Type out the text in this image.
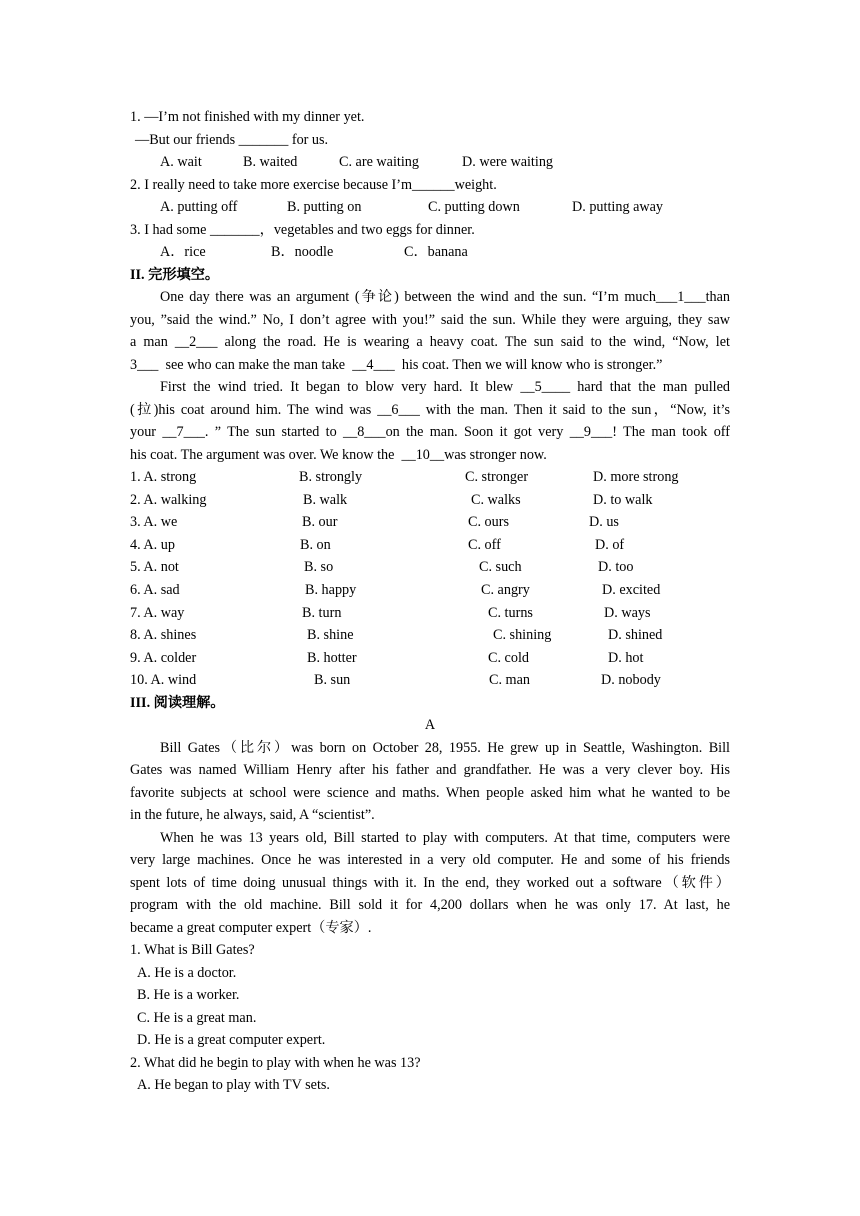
1. —I’m not finished with my dinner yet.
—But our friends _______ for us.
A. wait	B. waited	C. are waiting	D. were waiting
2. I really need to take more exercise because I’m______weight.
A. putting off	B. putting on	C. putting down	D. putting away
3. I had some _______，vegetables and two eggs for dinner.
A．rice	B．noodle	C．banana
II. 完形填空。
One day there was an argument (争论) between the wind and the sun. “I’m much___1___than
you, ”said the wind.” No, I don’t agree with you!” said the sun. While they were arguing, they saw
a man __2___ along the road. He is wearing a heavy coat. The sun said to the wind, “Now, let
3___  see who can make the man take  __4___  his coat. Then we will know who is stronger.”
First the wind tried. It began to blow very hard. It blew __5____ hard that the man pulled
(拉)his coat around him. The wind was __6___ with the man. Then it said to the sun，“Now, it’s
your __7___. ” The sun started to __8___on the man. Soon it got very __9___! The man took off
his coat. The argument was over. We know the  __10__was stronger now.
1. A. strong	B. strongly	C. stronger	D. more strong
2. A. walking	B. walk	C. walks	D. to walk
3. A. we	B. our	C. ours	D. us
4. A. up	B. on	C. off	D. of
5. A. not	B. so	C. such	D. too
6. A. sad	B. happy	C. angry	D. excited
7. A. way	B. turn	C. turns	D. ways
8. A. shines	B. shine	C. shining	D. shined
9. A. colder	B. hotter	C. cold	D. hot
10. A. wind	B. sun	C. man	D. nobody
III. 阅读理解。
A
Bill Gates（比尔）was born on October 28, 1955. He grew up in Seattle, Washington. Bill
Gates was named William Henry after his father and grandfather. He was a very clever boy. His
favorite subjects at school were science and maths. When people asked him what he wanted to be
in the future, he always, said, A “scientist”.
When he was 13 years old, Bill started to play with computers. At that time, computers were
very large machines. Once he was interested in a very old computer. He and some of his friends
spent lots of time doing unusual things with it. In the end, they worked out a software（软件）
program with the old machine. Bill sold it for 4,200 dollars when he was only 17. At last, he
became a great computer expert（专家）.
1. What is Bill Gates?
A. He is a doctor.
B. He is a worker.
C. He is a great man.
D. He is a great computer expert.
2. What did he begin to play with when he was 13?
A. He began to play with TV sets.
